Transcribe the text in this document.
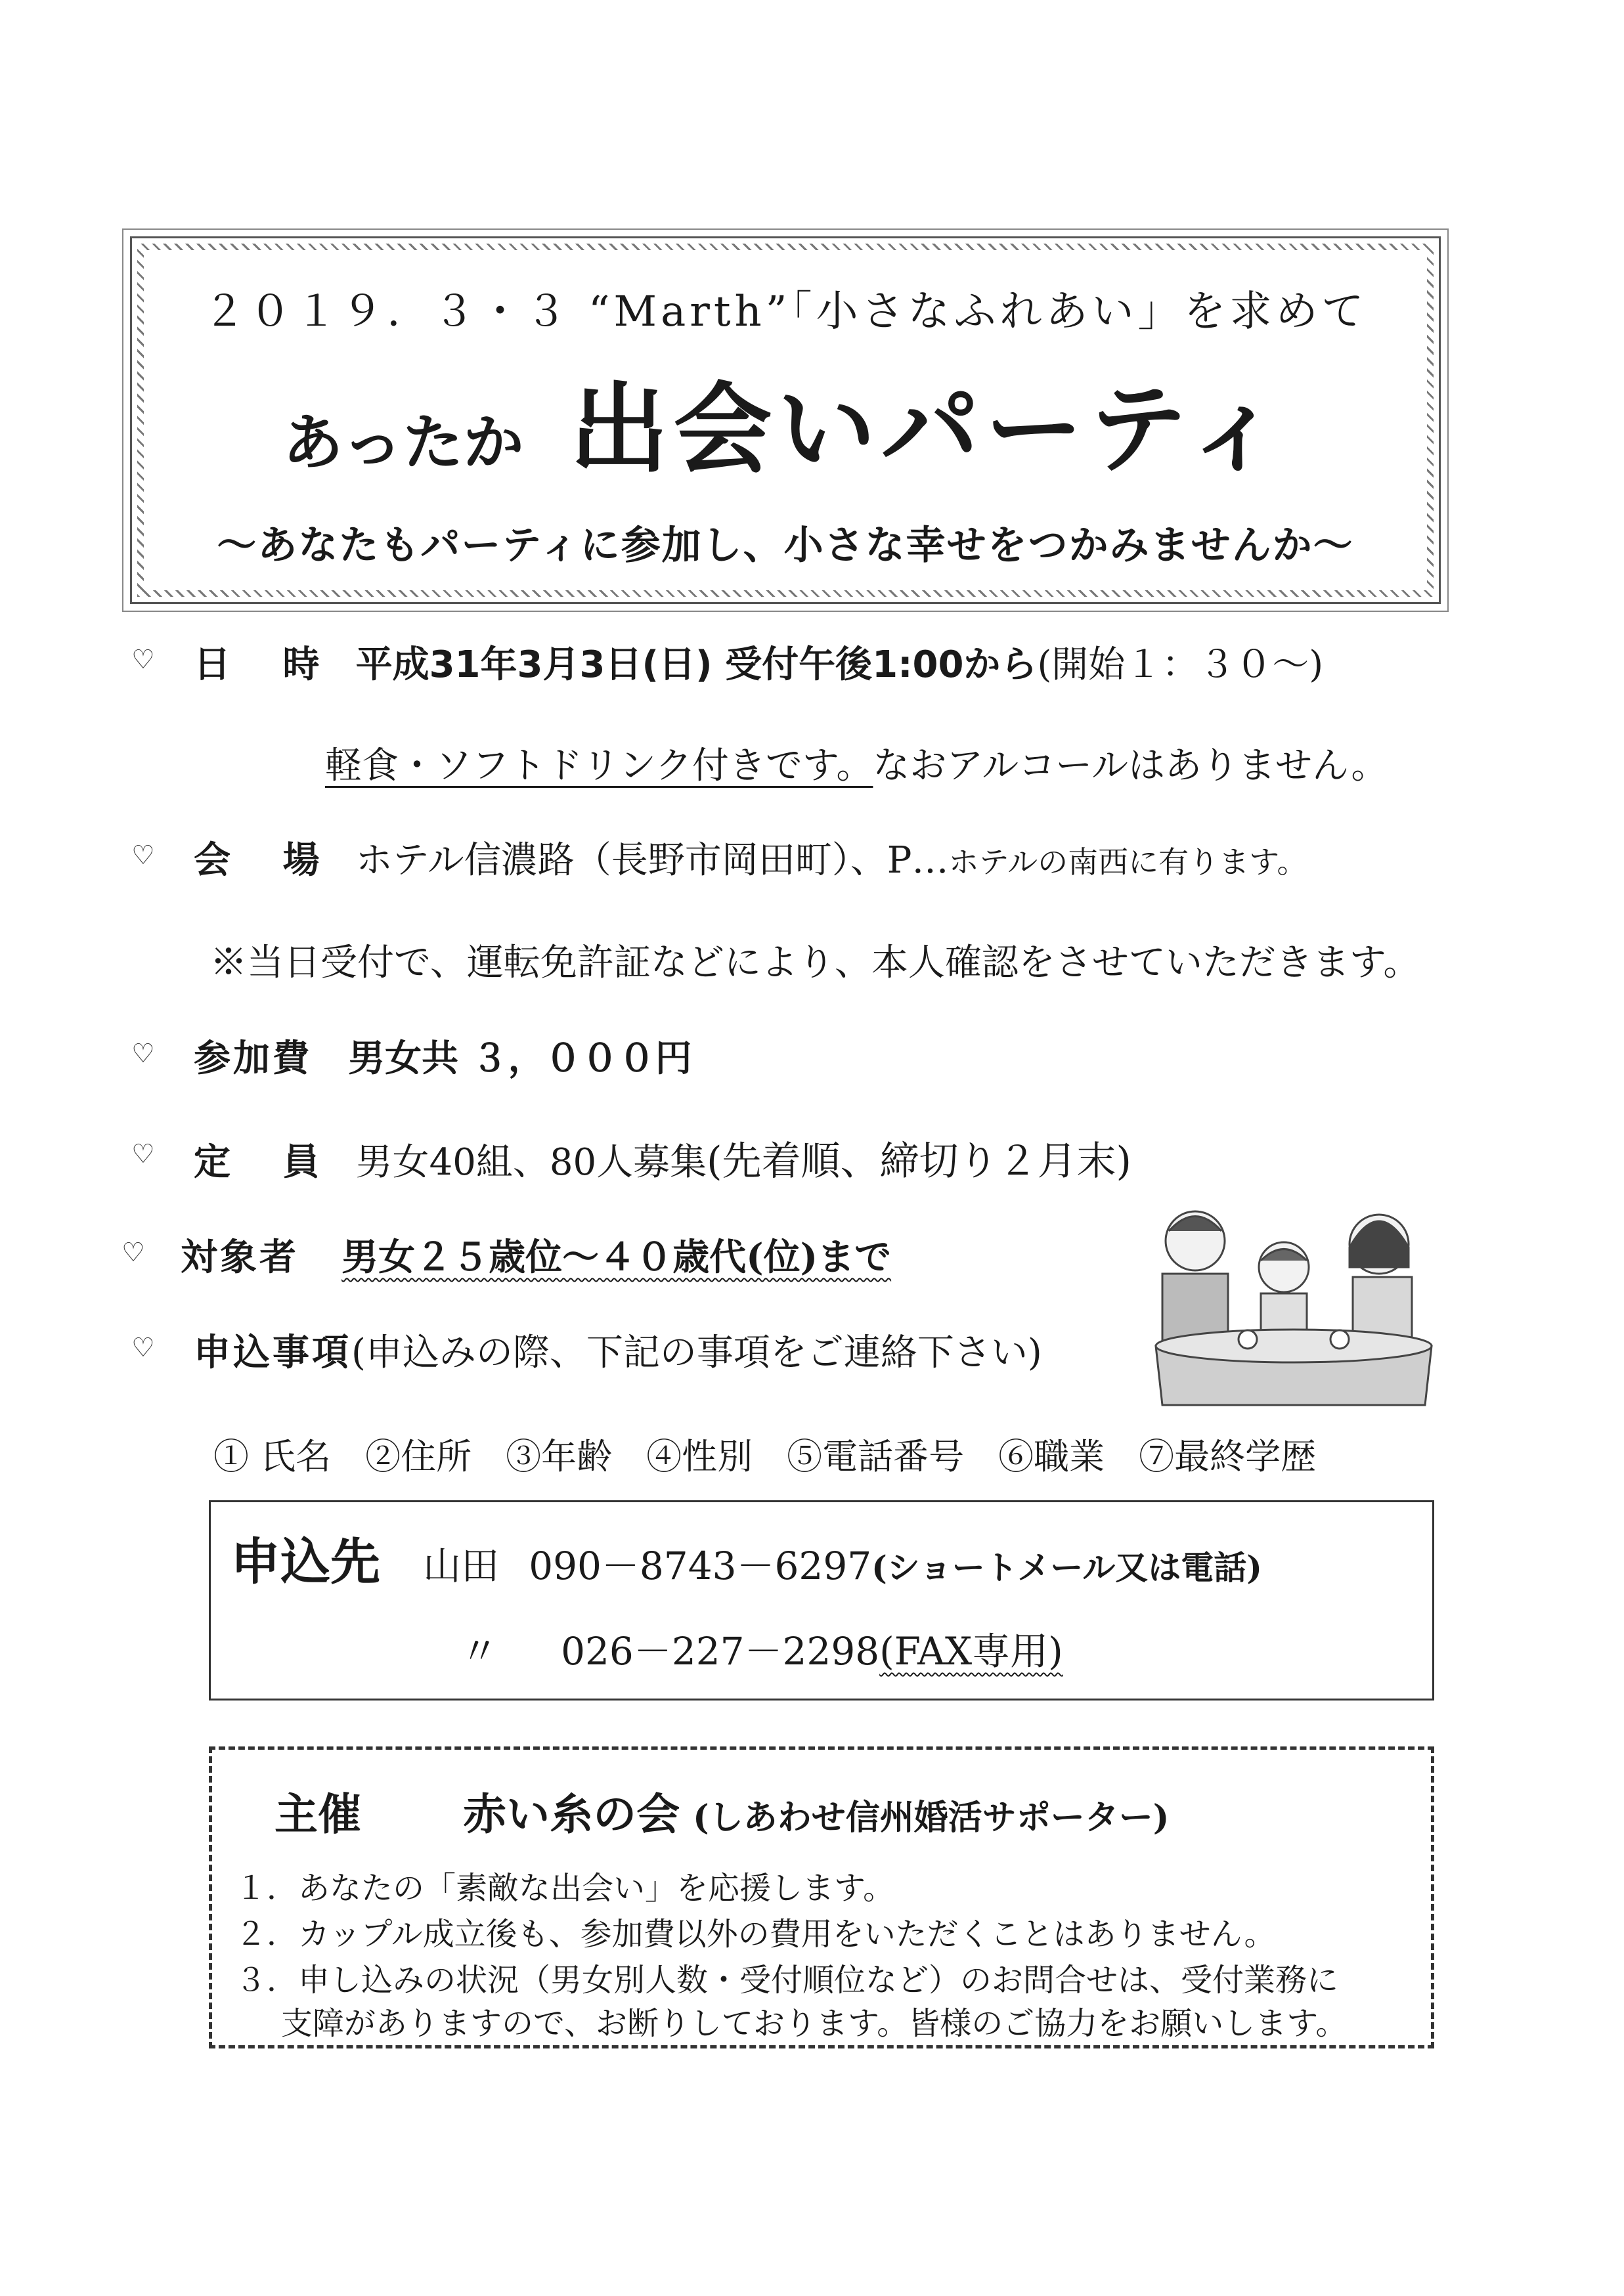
２０１９．３・３ “Marth”「小さなふれあい」を求めて
あったか 出会いパーティ
～あなたもパーティに参加し、小さな幸せをつかみませんか～
♡ 日 時 平成31年3月3日(日) 受付午後1:00から(開始１：３０～)
軽食・ソフトドリンク付きです。なおアルコールはありません。
♡ 会 場 ホテル信濃路（長野市岡田町）、P…ホテルの南西に有ります。
※当日受付で、運転免許証などにより、本人確認をさせていただきます。
♡ 参加費 男女共 ３，０００円
♡ 定 員 男女40組、80人募集(先着順、締切り２月末)
♡ 対象者 男女２５歳位～４０歳代(位)まで
♡ 申込事項(申込みの際、下記の事項をご連絡下さい)
① 氏名 ②住所 ③年齢 ④性別 ⑤電話番号 ⑥職業 ⑦最終学歴
申込先 山田 090－8743－6297(ショートメール又は電話)
〃 026－227－2298(FAX専用)
主催 赤い糸の会 (しあわせ信州婚活サポーター)
１．あなたの「素敵な出会い」を応援します。
２．カップル成立後も、参加費以外の費用をいただくことはありません。
３．申し込みの状況（男女別人数・受付順位など）のお問合せは、受付業務に
支障がありますので、お断りしております。皆様のご協力をお願いします。
